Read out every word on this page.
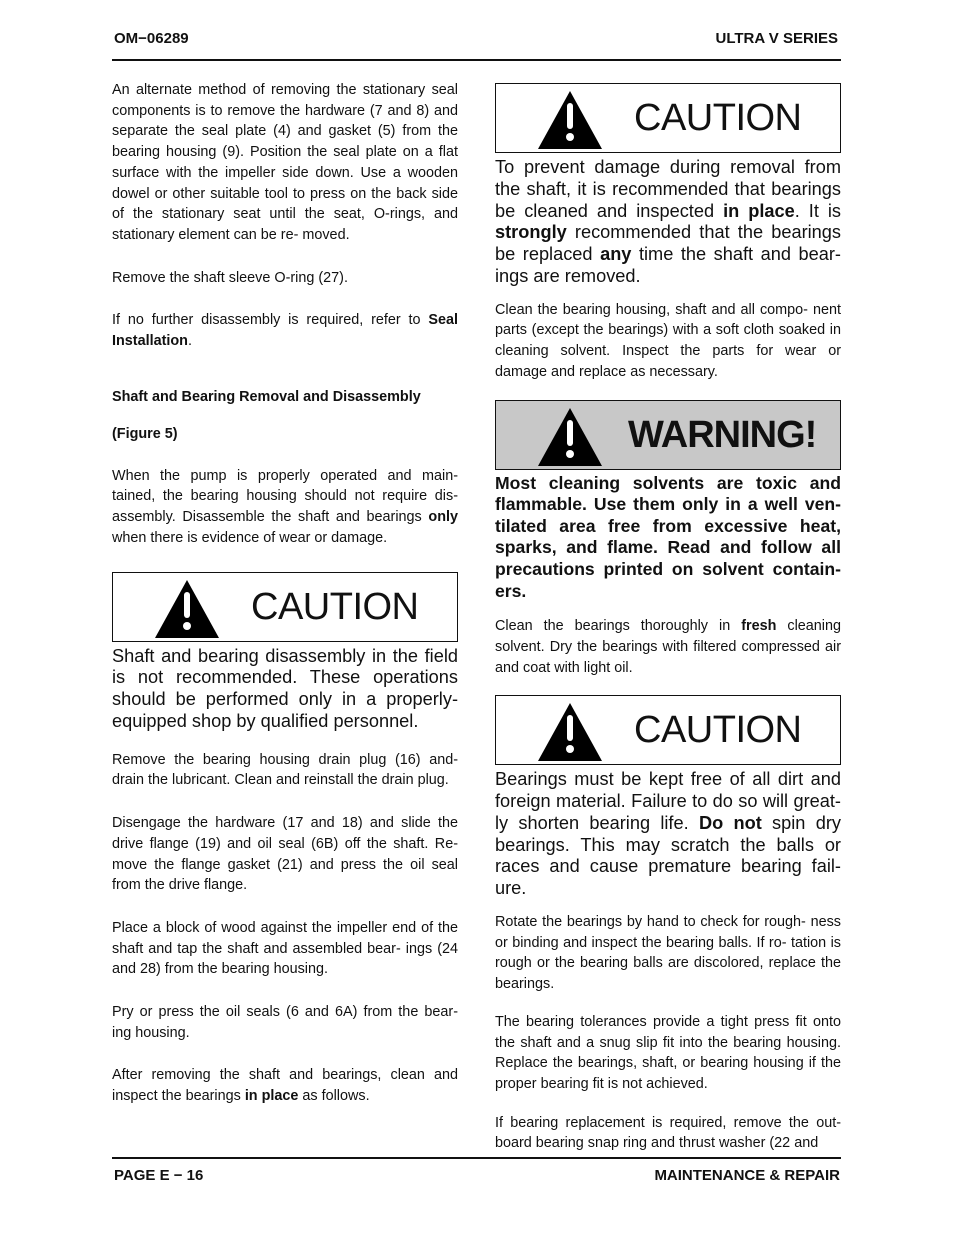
OM−06289	ULTRA V SERIES

An alternate method of removing the stationary seal components is to remove the hardware (7 and 8) and separate the seal plate (4) and gasket (5) from the bearing housing (9). Position the seal plate on a flat surface with the impeller side down. Use a wooden dowel or other suitable tool to press on the back side of the stationary seat until the seat, O-rings, and stationary element can be re- moved.

Remove the shaft sleeve O-ring (27).

If no further disassembly is required, refer to Seal Installation.

Shaft and Bearing Removal and Disassembly

(Figure 5)

When the pump is properly operated and main- tained, the bearing housing should not require dis- assembly. Disassemble the shaft and bearings only when there is evidence of wear or damage.

CAUTION

Shaft and bearing disassembly in the field is not recommended. These operations should be performed only in a properly- equipped shop by qualified personnel.

Remove the bearing housing drain plug (16) and- drain the lubricant. Clean and reinstall the drain plug.

Disengage the hardware (17 and 18) and slide the drive flange (19) and oil seal (6B) off the shaft. Re- move the flange gasket (21) and press the oil seal from the drive flange.

Place a block of wood against the impeller end of the shaft and tap the shaft and assembled bear- ings (24 and 28) from the bearing housing.

Pry or press the oil seals (6 and 6A) from the bear- ing housing.

After removing the shaft and bearings, clean and inspect the bearings in place as follows.

CAUTION

To prevent damage during removal from the shaft, it is recommended that bearings be cleaned and inspected in place. It is strongly recommended that the bearings be replaced any time the shaft and bear- ings are removed.

Clean the bearing housing, shaft and all compo- nent parts (except the bearings) with a soft cloth soaked in cleaning solvent. Inspect the parts for wear or damage and replace as necessary.

WARNING!

Most cleaning solvents are toxic and flammable. Use them only in a well ven- tilated area free from excessive heat, sparks, and flame. Read and follow all precautions printed on solvent contain- ers.

Clean the bearings thoroughly in fresh cleaning solvent. Dry the bearings with filtered compressed air and coat with light oil.

CAUTION

Bearings must be kept free of all dirt and foreign material. Failure to do so will great- ly shorten bearing life. Do not spin dry bearings. This may scratch the balls or races and cause premature bearing fail- ure.

Rotate the bearings by hand to check for rough- ness or binding and inspect the bearing balls. If ro- tation is rough or the bearing balls are discolored, replace the bearings.

The bearing tolerances provide a tight press fit onto the shaft and a snug slip fit into the bearing housing. Replace the bearings, shaft, or bearing housing if the proper bearing fit is not achieved.

If bearing replacement is required, remove the out- board bearing snap ring and thrust washer (22 and

PAGE E − 16	MAINTENANCE & REPAIR
